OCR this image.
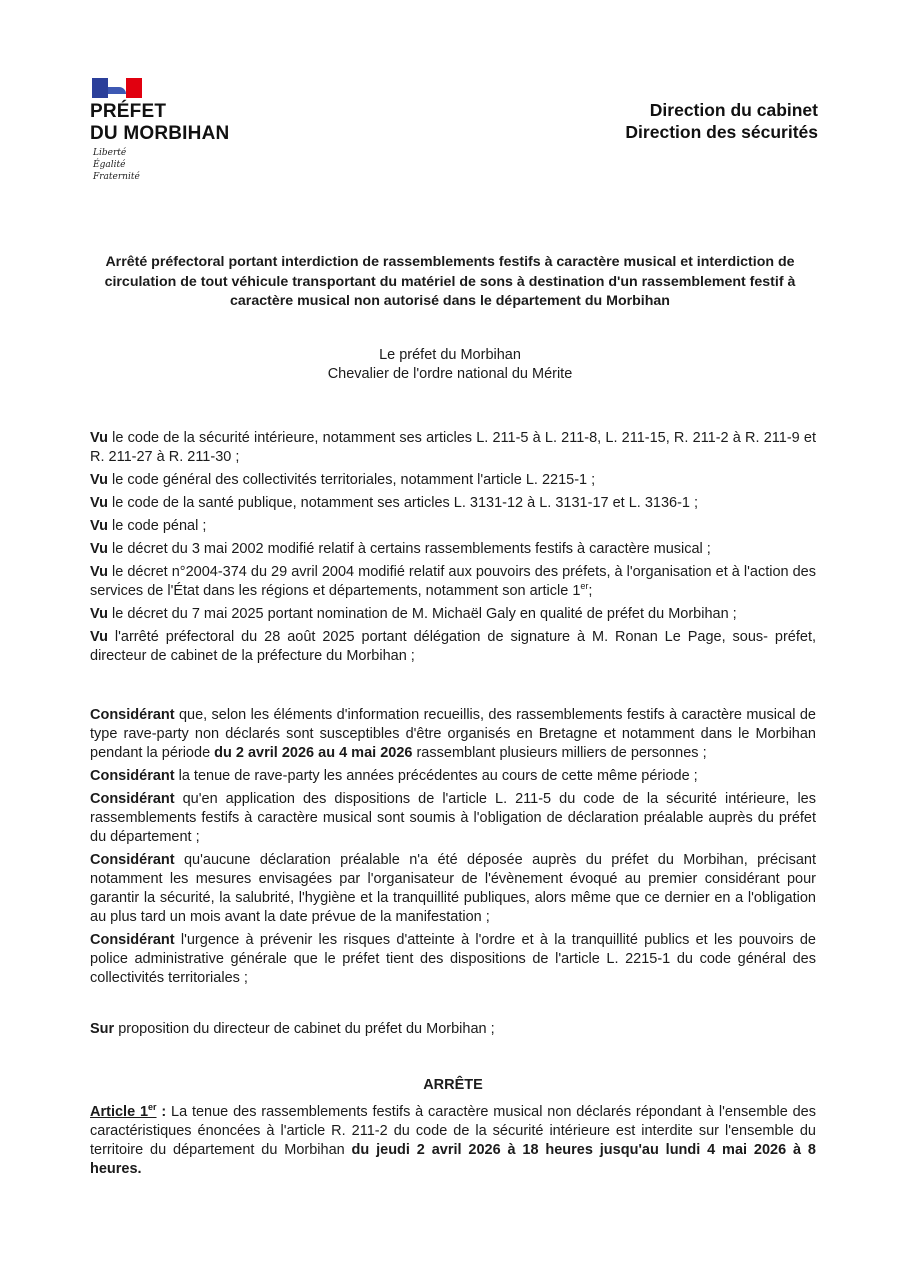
PRÉFET
DU MORBIHAN
Liberté
Égalité
Fraternité
Direction du cabinet
Direction des sécurités
Arrêté préfectoral portant interdiction de rassemblements festifs à caractère musical et interdiction de circulation de tout véhicule transportant du matériel de sons à destination d'un rassemblement festif à caractère musical non autorisé dans le département du Morbihan
Le préfet du Morbihan
Chevalier de l'ordre national du Mérite

Vu le code de la sécurité intérieure, notamment ses articles L. 211-5 à L. 211-8, L. 211-15, R. 211-2 à R. 211-9 et R. 211-27 à R. 211-30 ;

Vu le code général des collectivités territoriales, notamment l'article L. 2215-1 ;

Vu le code de la santé publique, notamment ses articles L. 3131-12 à L. 3131-17 et L. 3136-1 ;

Vu le code pénal ;

Vu le décret du 3 mai 2002 modifié relatif à certains rassemblements festifs à caractère musical ;

Vu le décret n°2004-374 du 29 avril 2004 modifié relatif aux pouvoirs des préfets, à l'organisation et à l'action des services de l'État dans les régions et départements, notamment son article 1er;

Vu le décret du 7 mai 2025 portant nomination de M. Michaël Galy en qualité de préfet du Morbihan ;

Vu l'arrêté préfectoral du 28 août 2025 portant délégation de signature à M. Ronan Le Page, sous- préfet, directeur de cabinet de la préfecture du Morbihan ;

Considérant que, selon les éléments d'information recueillis, des rassemblements festifs à caractère musical de type rave-party non déclarés sont susceptibles d'être organisés en Bretagne et notamment dans le Morbihan pendant la période du 2 avril 2026 au 4 mai 2026 rassemblant plusieurs milliers de personnes ;

Considérant la tenue de rave-party les années précédentes au cours de cette même période ;

Considérant qu'en application des dispositions de l'article L. 211-5 du code de la sécurité intérieure, les rassemblements festifs à caractère musical sont soumis à l'obligation de déclaration préalable auprès du préfet du département ;

Considérant qu'aucune déclaration préalable n'a été déposée auprès du préfet du Morbihan, précisant notamment les mesures envisagées par l'organisateur de l'évènement évoqué au premier considérant pour garantir la sécurité, la salubrité, l'hygiène et la tranquillité publiques, alors même que ce dernier en a l'obligation au plus tard un mois avant la date prévue de la manifestation ;

Considérant l'urgence à prévenir les risques d'atteinte à l'ordre et à la tranquillité publics et les pouvoirs de police administrative générale que le préfet tient des dispositions de l'article L. 2215-1 du code général des collectivités territoriales ;

Sur proposition du directeur de cabinet du préfet du Morbihan ;

ARRÊTE

Article 1er : La tenue des rassemblements festifs à caractère musical non déclarés répondant à l'ensemble des caractéristiques énoncées à l'article R. 211-2 du code de la sécurité intérieure est interdite sur l'ensemble du territoire du département du Morbihan du jeudi 2 avril 2026 à 18 heures jusqu'au lundi 4 mai 2026 à 8 heures.
